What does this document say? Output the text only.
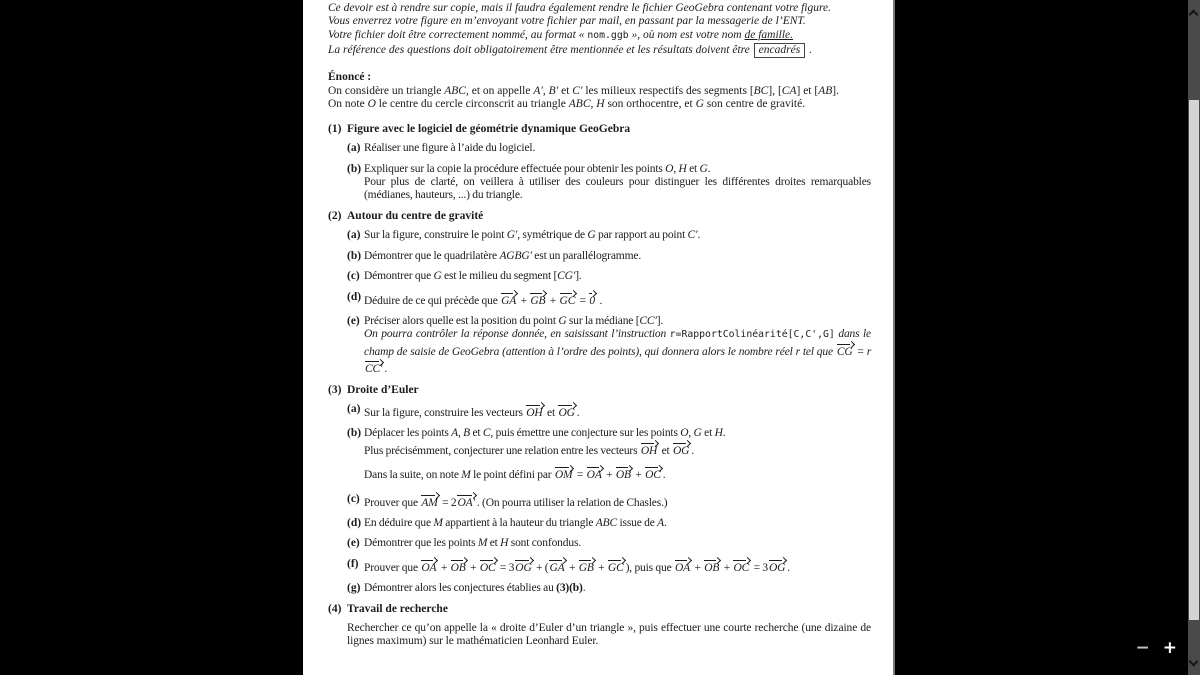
Ce devoir est à rendre sur copie, mais il faudra également rendre le fichier GeoGebra contenant votre figure.
Vous enverrez votre figure en m’envoyant votre fichier par mail, en passant par la messagerie de l’ENT.
Votre fichier doit être correctement nommé, au format « nom.ggb », où nom est votre nom de famille.
La référence des questions doit obligatoirement être mentionnée et les résultats doivent être encadrés .
Énoncé :
On considère un triangle ABC, et on appelle A′, B′ et C′ les milieux respectifs des segments [BC], [CA] et [AB].
On note O le centre du cercle circonscrit au triangle ABC, H son orthocentre, et G son centre de gravité.
(1) Figure avec le logiciel de géométrie dynamique GeoGebra
(a) Réaliser une figure à l’aide du logiciel.
(b) Expliquer sur la copie la procédure effectuée pour obtenir les points O, H et G.
Pour plus de clarté, on veillera à utiliser des couleurs pour distinguer les différentes droites remarquables (médianes, hauteurs, ...) du triangle.
(2) Autour du centre de gravité
(a) Sur la figure, construire le point G′, symétrique de G par rapport au point C′.
(b) Démontrer que le quadrilatère AGBG′ est un parallélogramme.
(c) Démontrer que G est le milieu du segment [CG′].
(d) Déduire de ce qui précède que GA + GB + GC = 0 .
(e) Préciser alors quelle est la position du point G sur la médiane [CC′].
On pourra contrôler la réponse donnée, en saisissant l’instruction r=RapportColinéarité[C,C',G] dans le champ de saisie de GeoGebra (attention à l’ordre des points), qui donnera alors le nombre réel r tel que CG = rCC′ .
(3) Droite d’Euler
(a) Sur la figure, construire les vecteurs OH et OG .
(b) Déplacer les points A, B et C, puis émettre une conjecture sur les points O, G et H.
Plus précisémment, conjecturer une relation entre les vecteurs OH et OG .
Dans la suite, on note M le point défini par OM = OA + OB + OC .
(c) Prouver que AM = 2OA′ . (On pourra utiliser la relation de Chasles.)
(d) En déduire que M appartient à la hauteur du triangle ABC issue de A.
(e) Démontrer que les points M et H sont confondus.
(f) Prouver que OA + OB + OC = 3OG + (GA + GB + GC ), puis que OA + OB + OC = 3OG .
(g) Démontrer alors les conjectures établies au (3)(b).
(4) Travail de recherche
Rechercher ce qu’on appelle la « droite d’Euler d’un triangle », puis effectuer une courte recherche (une dizaine de lignes maximum) sur le mathématicien Leonhard Euler.	− +
